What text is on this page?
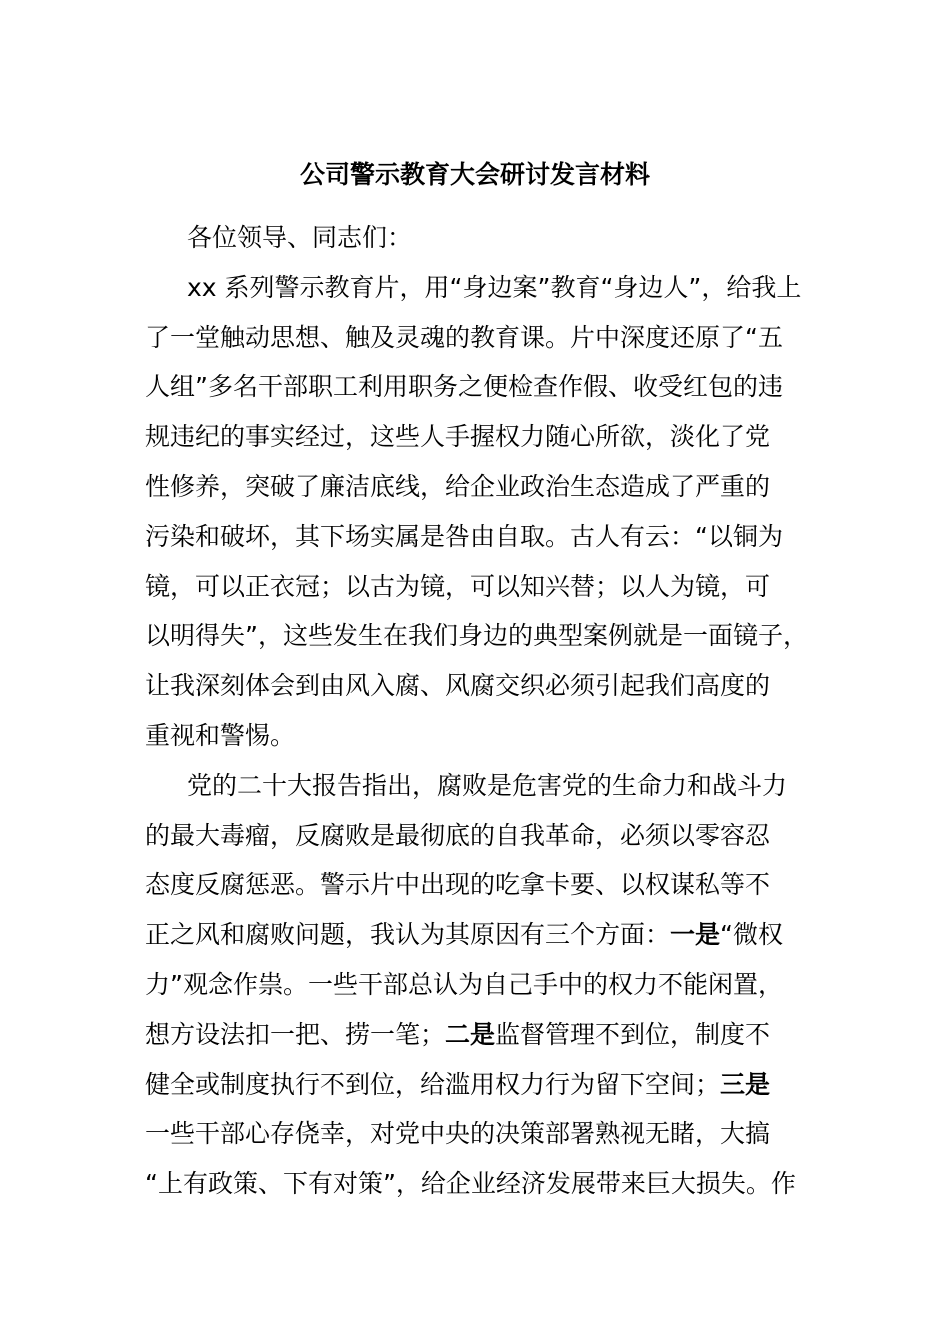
公司警示教育大会研讨发言材料
各位领导、同志们：
xx 系列警示教育片，用“身边案”教育“身边人”，给我上
了一堂触动思想、触及灵魂的教育课。片中深度还原了“五
人组”多名干部职工利用职务之便检查作假、收受红包的违
规违纪的事实经过，这些人手握权力随心所欲，淡化了党
性修养，突破了廉洁底线，给企业政治生态造成了严重的
污染和破坏，其下场实属是咎由自取。古人有云：“以铜为
镜，可以正衣冠；以古为镜，可以知兴替；以人为镜，可
以明得失”，这些发生在我们身边的典型案例就是一面镜子，
让我深刻体会到由风入腐、风腐交织必须引起我们高度的
重视和警惕。
党的二十大报告指出，腐败是危害党的生命力和战斗力
的最大毒瘤，反腐败是最彻底的自我革命，必须以零容忍
态度反腐惩恶。警示片中出现的吃拿卡要、以权谋私等不
正之风和腐败问题，我认为其原因有三个方面：一是“微权
力”观念作祟。一些干部总认为自己手中的权力不能闲置，
想方设法扣一把、捞一笔；二是监督管理不到位，制度不
健全或制度执行不到位，给滥用权力行为留下空间；三是
一些干部心存侥幸，对党中央的决策部署熟视无睹，大搞
“上有政策、下有对策”，给企业经济发展带来巨大损失。作
